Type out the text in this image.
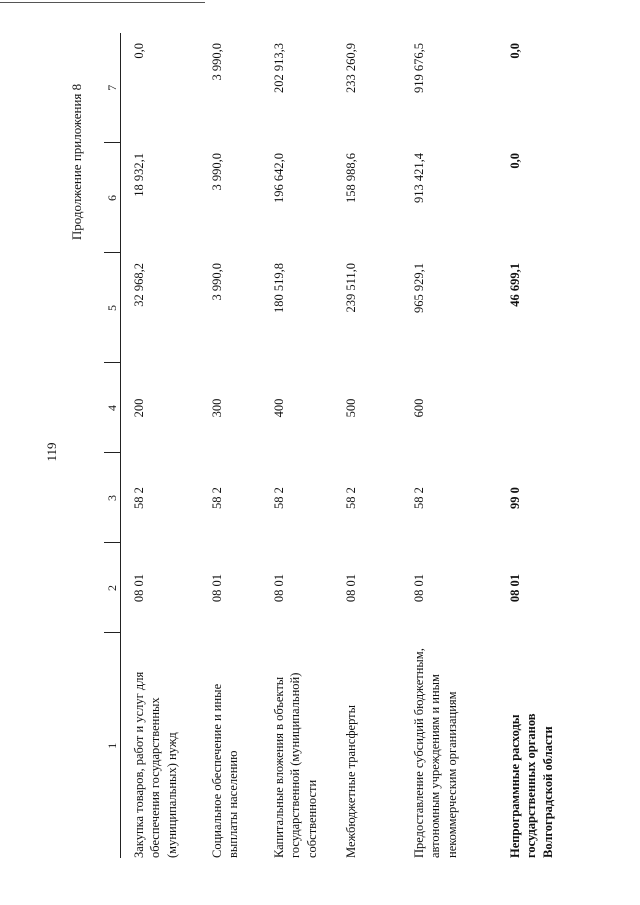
119
Продолжение приложения 8
1	2	3	4	5	6	7
Закупка товаров, работ и услуг для обеспечения государственных (муниципальных) нужд	08 01	58 2	200	32 968,2	18 932,1	0,0
Социальное обеспечение и иные выплаты населению	08 01	58 2	300	3 990,0	3 990,0	3 990,0
Капитальные вложения в объекты государственной (муниципальной) собственности	08 01	58 2	400	180 519,8	196 642,0	202 913,3
Межбюджетные трансферты	08 01	58 2	500	239 511,0	158 988,6	233 260,9
Предоставление субсидий бюджетным, автономным учреждениям и иным некоммерческим организациям	08 01	58 2	600	965 929,1	913 421,4	919 676,5
Непрограммные расходы государственных органов Волгоградской области	08 01	99 0		46 699,1	0,0	0,0
